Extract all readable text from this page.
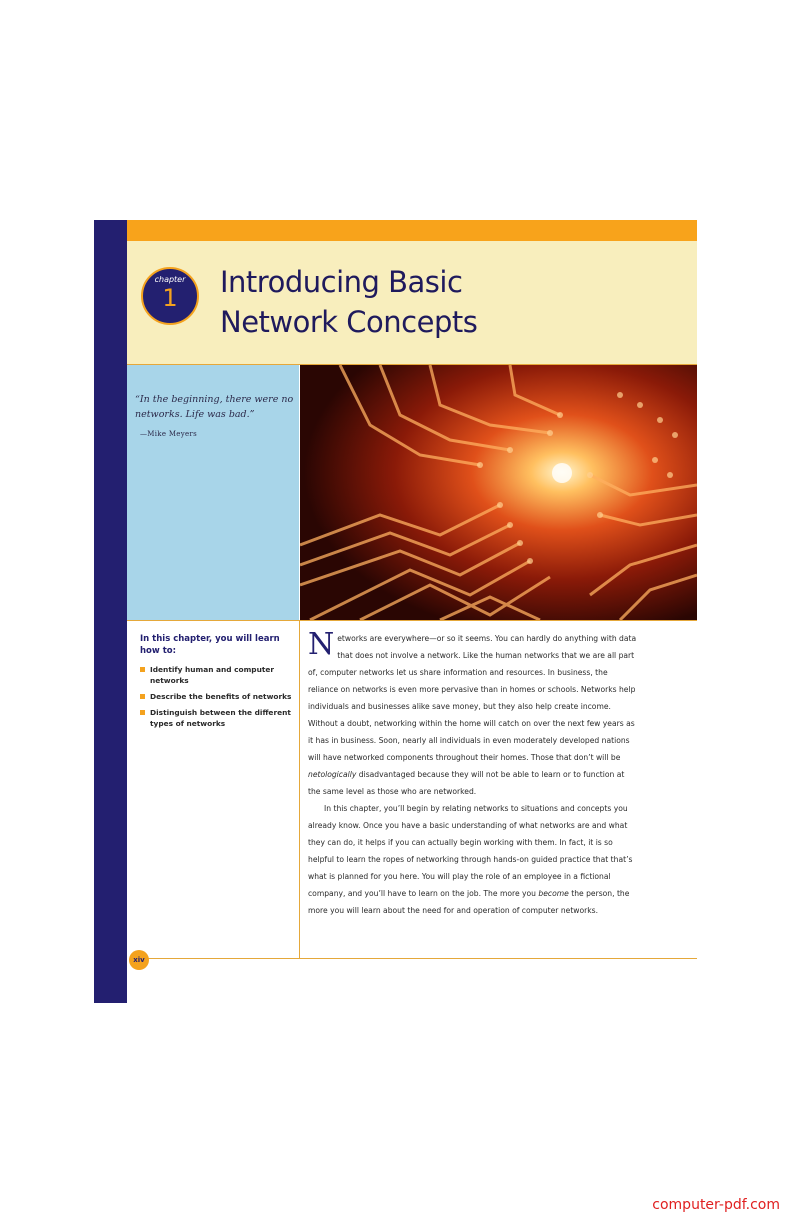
chapter
1	Introducing Basic
Network Concepts

“In the beginning, there were no networks. Life was bad.”

—Mike Meyers

In this chapter, you will learn how to:

Identify human and computer networks
Describe the benefits of networks
Distinguish between the different types of networks

Networks are everywhere—or so it seems. You can hardly do anything with data that does not involve a network. Like the human networks that we are all part of, computer networks let us share information and resources. In business, the reliance on networks is even more pervasive than in homes or schools. Networks help individuals and businesses alike save money, but they also help create income. Without a doubt, networking within the home will catch on over the next few years as it has in business. Soon, nearly all individuals in even moderately developed nations will have networked components throughout their homes. Those that don’t will be netologically disadvantaged because they will not be able to learn or to function at the same level as those who are networked.

In this chapter, you’ll begin by relating networks to situations and concepts you already know. Once you have a basic understanding of what networks are and what they can do, it helps if you can actually begin working with them. In fact, it is so helpful to learn the ropes of networking through hands-on guided practice that that’s what is planned for you here. You will play the role of an employee in a fictional company, and you’ll have to learn on the job. The more you become the person, the more you will learn about the need for and operation of computer networks.

xiv
computer-pdf.com
